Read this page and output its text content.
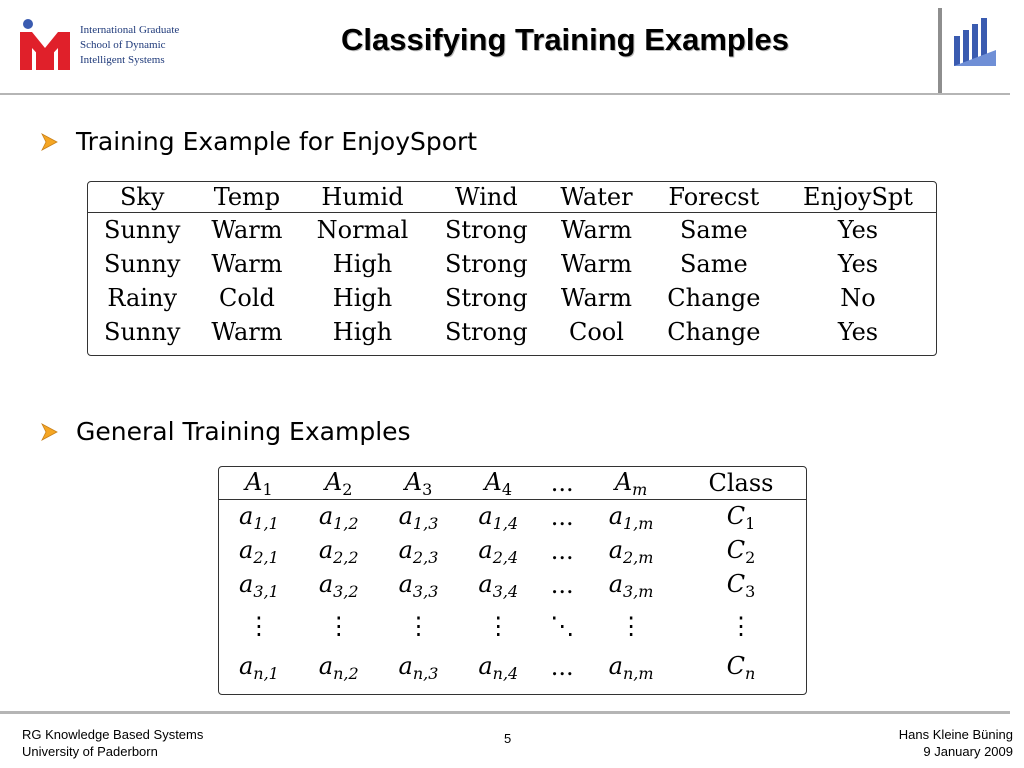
International Graduate
School of Dynamic
Intelligent Systems
Classifying Training Examples
Training Example for EnjoySport
Sky	Temp	Humid	Wind	Water	Forecst	EnjoySpt
Sunny	Warm	Normal	Strong	Warm	Same	Yes
Sunny	Warm	High	Strong	Warm	Same	Yes
Rainy	Cold	High	Strong	Warm	Change	No
Sunny	Warm	High	Strong	Cool	Change	Yes
General Training Examples
$A_1$	$A_2$	$A_3$	$A_4$	...	$A_m$	Class
$a_{1,1}$	$a_{1,2}$	$a_{1,3}$	$a_{1,4}$	...	$a_{1,m}$	$C_1$
$a_{2,1}$	$a_{2,2}$	$a_{2,3}$	$a_{2,4}$	...	$a_{2,m}$	$C_2$
$a_{3,1}$	$a_{3,2}$	$a_{3,3}$	$a_{3,4}$	...	$a_{3,m}$	$C_3$
⋮	⋮	⋮	⋮	⋱	⋮	⋮
$a_{n,1}$	$a_{n,2}$	$a_{n,3}$	$a_{n,4}$	...	$a_{n,m}$	$C_n$
RG Knowledge Based Systems
University of Paderborn
5	Hans Kleine Büning
9 January 2009
